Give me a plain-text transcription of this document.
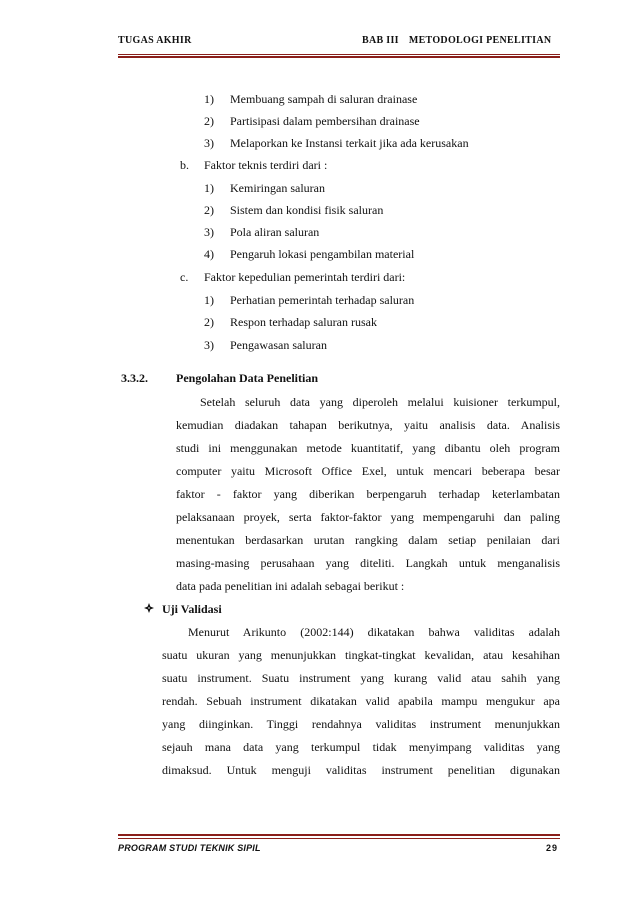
TUGAS AKHIR	BAB III METODOLOGI PENELITIAN
1) Membuang sampah di saluran drainase
2) Partisipasi dalam pembersihan drainase
3) Melaporkan ke Instansi terkait jika ada kerusakan
b. Faktor teknis terdiri dari :
1) Kemiringan saluran
2) Sistem dan kondisi fisik saluran
3) Pola aliran saluran
4) Pengaruh lokasi pengambilan material
c. Faktor kepedulian pemerintah terdiri dari:
1) Perhatian pemerintah terhadap saluran
2) Respon terhadap saluran rusak
3) Pengawasan saluran
3.3.2. Pengolahan Data Penelitian
Setelah seluruh data yang diperoleh melalui kuisioner terkumpul,
kemudian diadakan tahapan berikutnya, yaitu analisis data. Analisis
studi ini menggunakan metode kuantitatif, yang dibantu oleh program
computer yaitu Microsoft Office Exel, untuk mencari beberapa besar
faktor - faktor yang diberikan berpengaruh terhadap keterlambatan
pelaksanaan proyek, serta faktor-faktor yang mempengaruhi dan paling
menentukan berdasarkan urutan rangking dalam setiap penilaian dari
masing-masing perusahaan yang diteliti. Langkah untuk menganalisis
data pada penelitian ini adalah sebagai berikut :
Uji Validasi
Menurut Arikunto (2002:144) dikatakan bahwa validitas adalah
suatu ukuran yang menunjukkan tingkat-tingkat kevalidan, atau kesahihan
suatu instrument. Suatu instrument yang kurang valid atau sahih yang
rendah. Sebuah instrument dikatakan valid apabila mampu mengukur apa
yang diinginkan. Tinggi rendahnya validitas instrument menunjukkan
sejauh mana data yang terkumpul tidak menyimpang validitas yang
dimaksud. Untuk menguji validitas instrument penelitian digunakan
PROGRAM STUDI TEKNIK SIPIL	29
